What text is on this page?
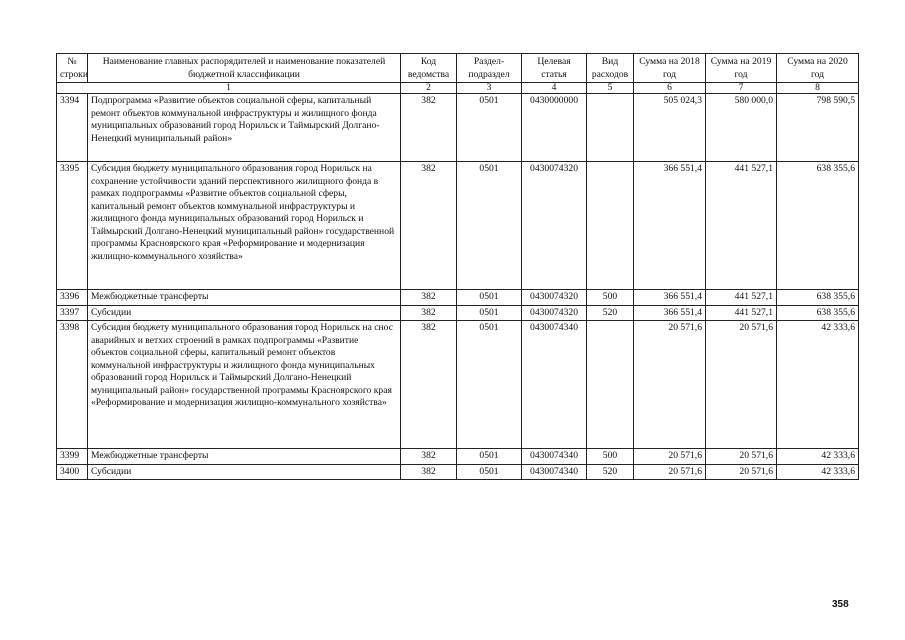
№ строки	Наименование главных распорядителей и наименование показателей бюджетной классификации	Код ведомства	Раздел-подраздел	Целевая статья	Вид расходов	Сумма на 2018 год	Сумма на 2019 год	Сумма на 2020 год
1		2	3	4	5	6	7	8
3394	Подпрограмма «Развитие объектов социальной сферы, капитальный ремонт объектов коммунальной инфраструктуры и жилищного фонда муниципальных образований город Норильск и Таймырский Долгано-Ненецкий муниципальный район»	382	0501	0430000000		505 024,3	580 000,0	798 590,5
3395	Субсидия бюджету муниципального образования город Норильск на сохранение устойчивости зданий перспективного жилищного фонда в рамках подпрограммы «Развитие объектов социальной сферы, капитальный ремонт объектов коммунальной инфраструктуры и жилищного фонда муниципальных образований город Норильск и Таймырский Долгано-Ненецкий муниципальный район» государственной программы Красноярского края «Реформирование и модернизация жилищно-коммунального хозяйства»	382	0501	0430074320		366 551,4	441 527,1	638 355,6
3396	Межбюджетные трансферты	382	0501	0430074320	500	366 551,4	441 527,1	638 355,6
3397	Субсидии	382	0501	0430074320	520	366 551,4	441 527,1	638 355,6
3398	Субсидия бюджету муниципального образования город Норильск на снос аварийных и ветхих строений в рамках подпрограммы «Развитие объектов социальной сферы, капитальный ремонт объектов коммунальной инфраструктуры и жилищного фонда муниципальных образований город Норильск и Таймырский Долгано-Ненецкий муниципальный район» государственной программы Красноярского края «Реформирование и модернизация жилищно-коммунального хозяйства»	382	0501	0430074340		20 571,6	20 571,6	42 333,6
3399	Межбюджетные трансферты	382	0501	0430074340	500	20 571,6	20 571,6	42 333,6
3400	Субсидии	382	0501	0430074340	520	20 571,6	20 571,6	42 333,6
358
